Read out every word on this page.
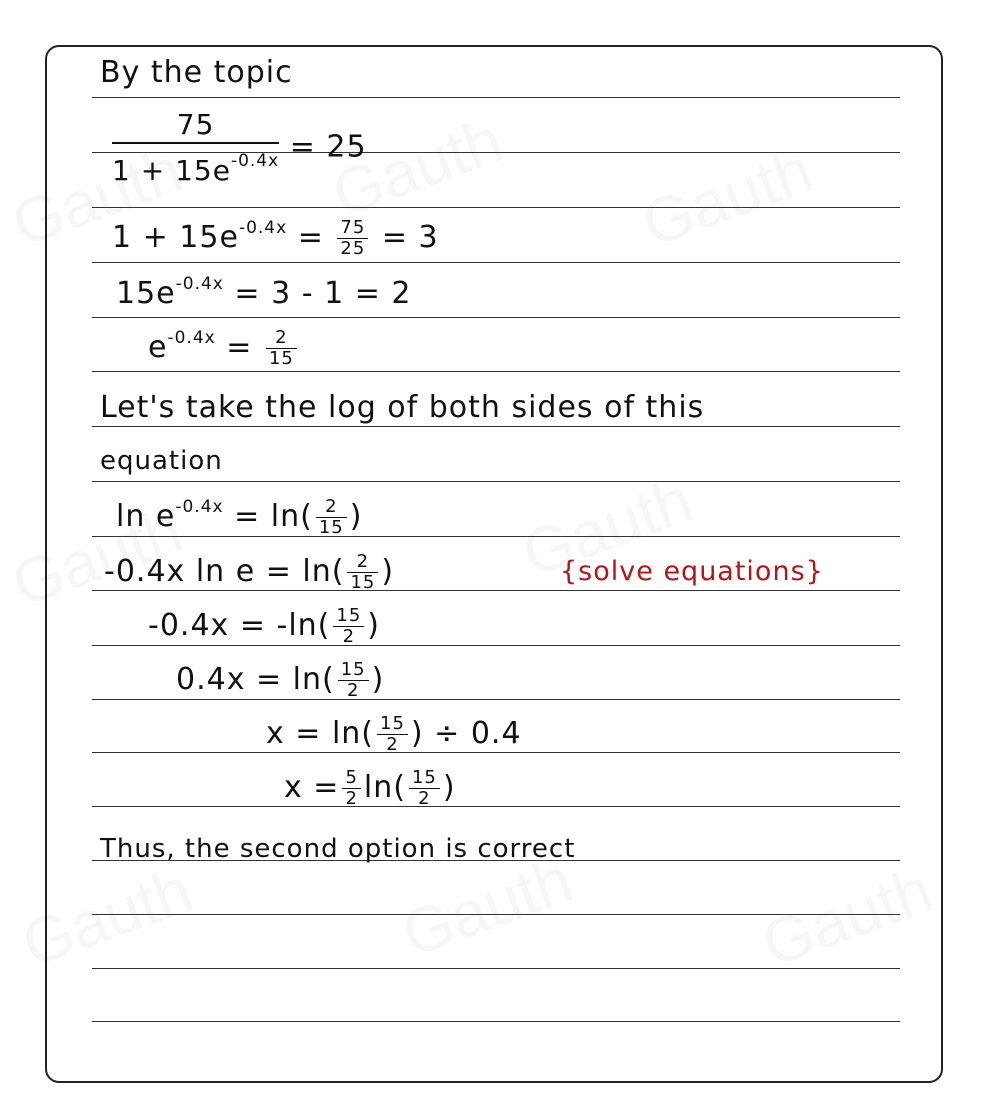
By the topic
$\frac{75}{1 + 15e^{-0.4x}} = 25$
$1 + 15e^{-0.4x} = \frac{75}{25} = 3$
$15e^{-0.4x} = 3 - 1 = 2$
$e^{-0.4x} = \frac{2}{15}$
Let's take the log of both sides of this
equation
$\ln e^{-0.4x} = \ln( \frac{2}{15}$ )
-0.4x $\ln e = \ln( \frac{2}{15}$ )	{solve equations}
$-0.4x = -\ln( \frac{15}{2}$ )
$0.4x = \ln( \frac{15}{2}$ )
$x = \ln( \frac{15}{2}$ ) ÷ 0.4
$x = \frac{5}{2} \ln( \frac{15}{2}$ )
Thus, the second option is correct
